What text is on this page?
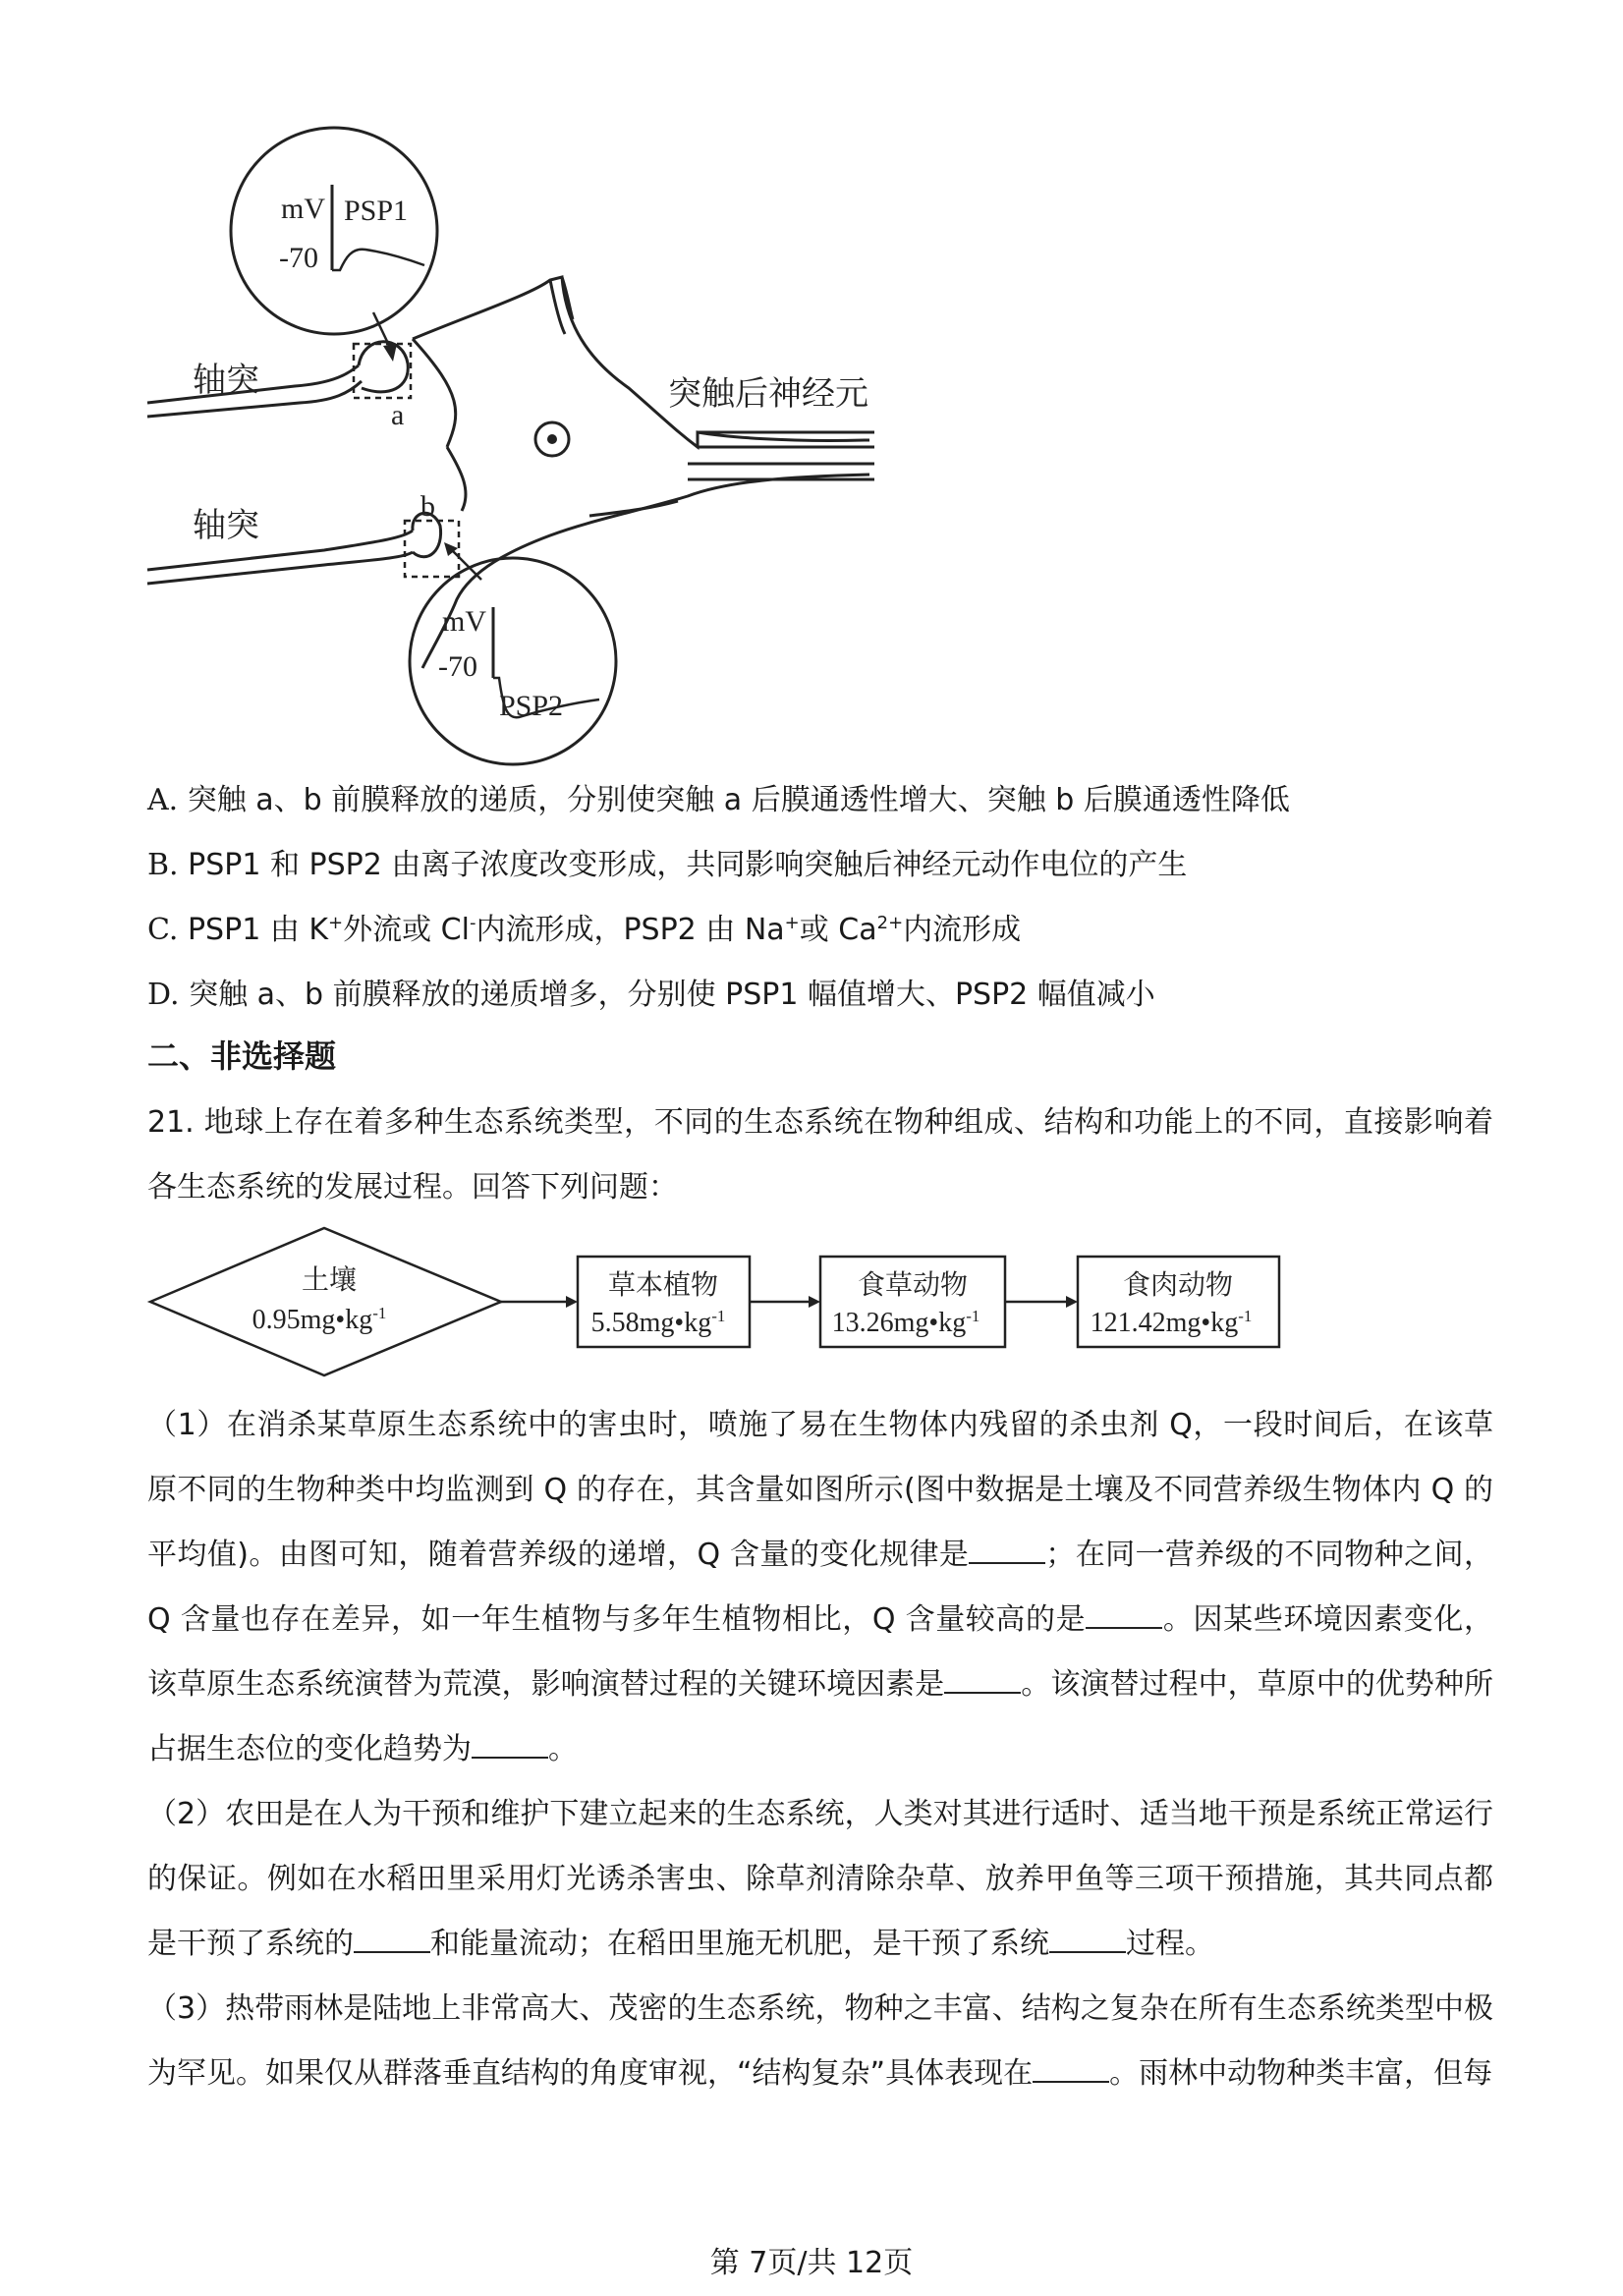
mV PSP1
-70
mV
-70
PSP2
a
b
轴突
轴突
突触后神经元
A. 突触 a、b 前膜释放的递质，分别使突触 a 后膜通透性增大、突触 b 后膜通透性降低
B. PSP1 和 PSP2 由离子浓度改变形成，共同影响突触后神经元动作电位的产生
C. PSP1 由 K+外流或 Cl-内流形成，PSP2 由 Na+或 $Ca^{2+}$内流形成
D. 突触 a、b 前膜释放的递质增多，分别使 PSP1 幅值增大、PSP2 幅值减小
二、非选择题
21. 地球上存在着多种生态系统类型，不同的生态系统在物种组成、结构和功能上的不同，直接影响着各生态系统的发展过程。回答下列问题：
土壤
$0.95mg•kg^{-1}$
草本植物
$5.58mg•kg^{-1}$
食草动物
$13.26mg•kg^{-1}$
食肉动物
$121.42mg•kg^{-1}$
（1）在消杀某草原生态系统中的害虫时，喷施了易在生物体内残留的杀虫剂 Q，一段时间后，在该草原不同的生物种类中均监测到 Q 的存在，其含量如图所示(图中数据是土壤及不同营养级生物体内 Q 的平均值)。由图可知，随着营养级的递增，Q 含量的变化规律是	；在同一营养级的不同物种之间，Q 含量也存在差异，如一年生植物与多年生植物相比，Q 含量较高的是	。因某些环境因素变化，该草原生态系统演替为荒漠，影响演替过程的关键环境因素是	。该演替过程中，草原中的优势种所占据生态位的变化趋势为	。
（2）农田是在人为干预和维护下建立起来的生态系统，人类对其进行适时、适当地干预是系统正常运行的保证。例如在水稻田里采用灯光诱杀害虫、除草剂清除杂草、放养甲鱼等三项干预措施，其共同点都是干预了系统的	和能量流动；在稻田里施无机肥，是干预了系统	过程。
（3）热带雨林是陆地上非常高大、茂密的生态系统，物种之丰富、结构之复杂在所有生态系统类型中极为罕见。如果仅从群落垂直结构的角度审视，“结构复杂”具体表现在	。雨林中动物种类丰富，但每
第 7页/共 12页
